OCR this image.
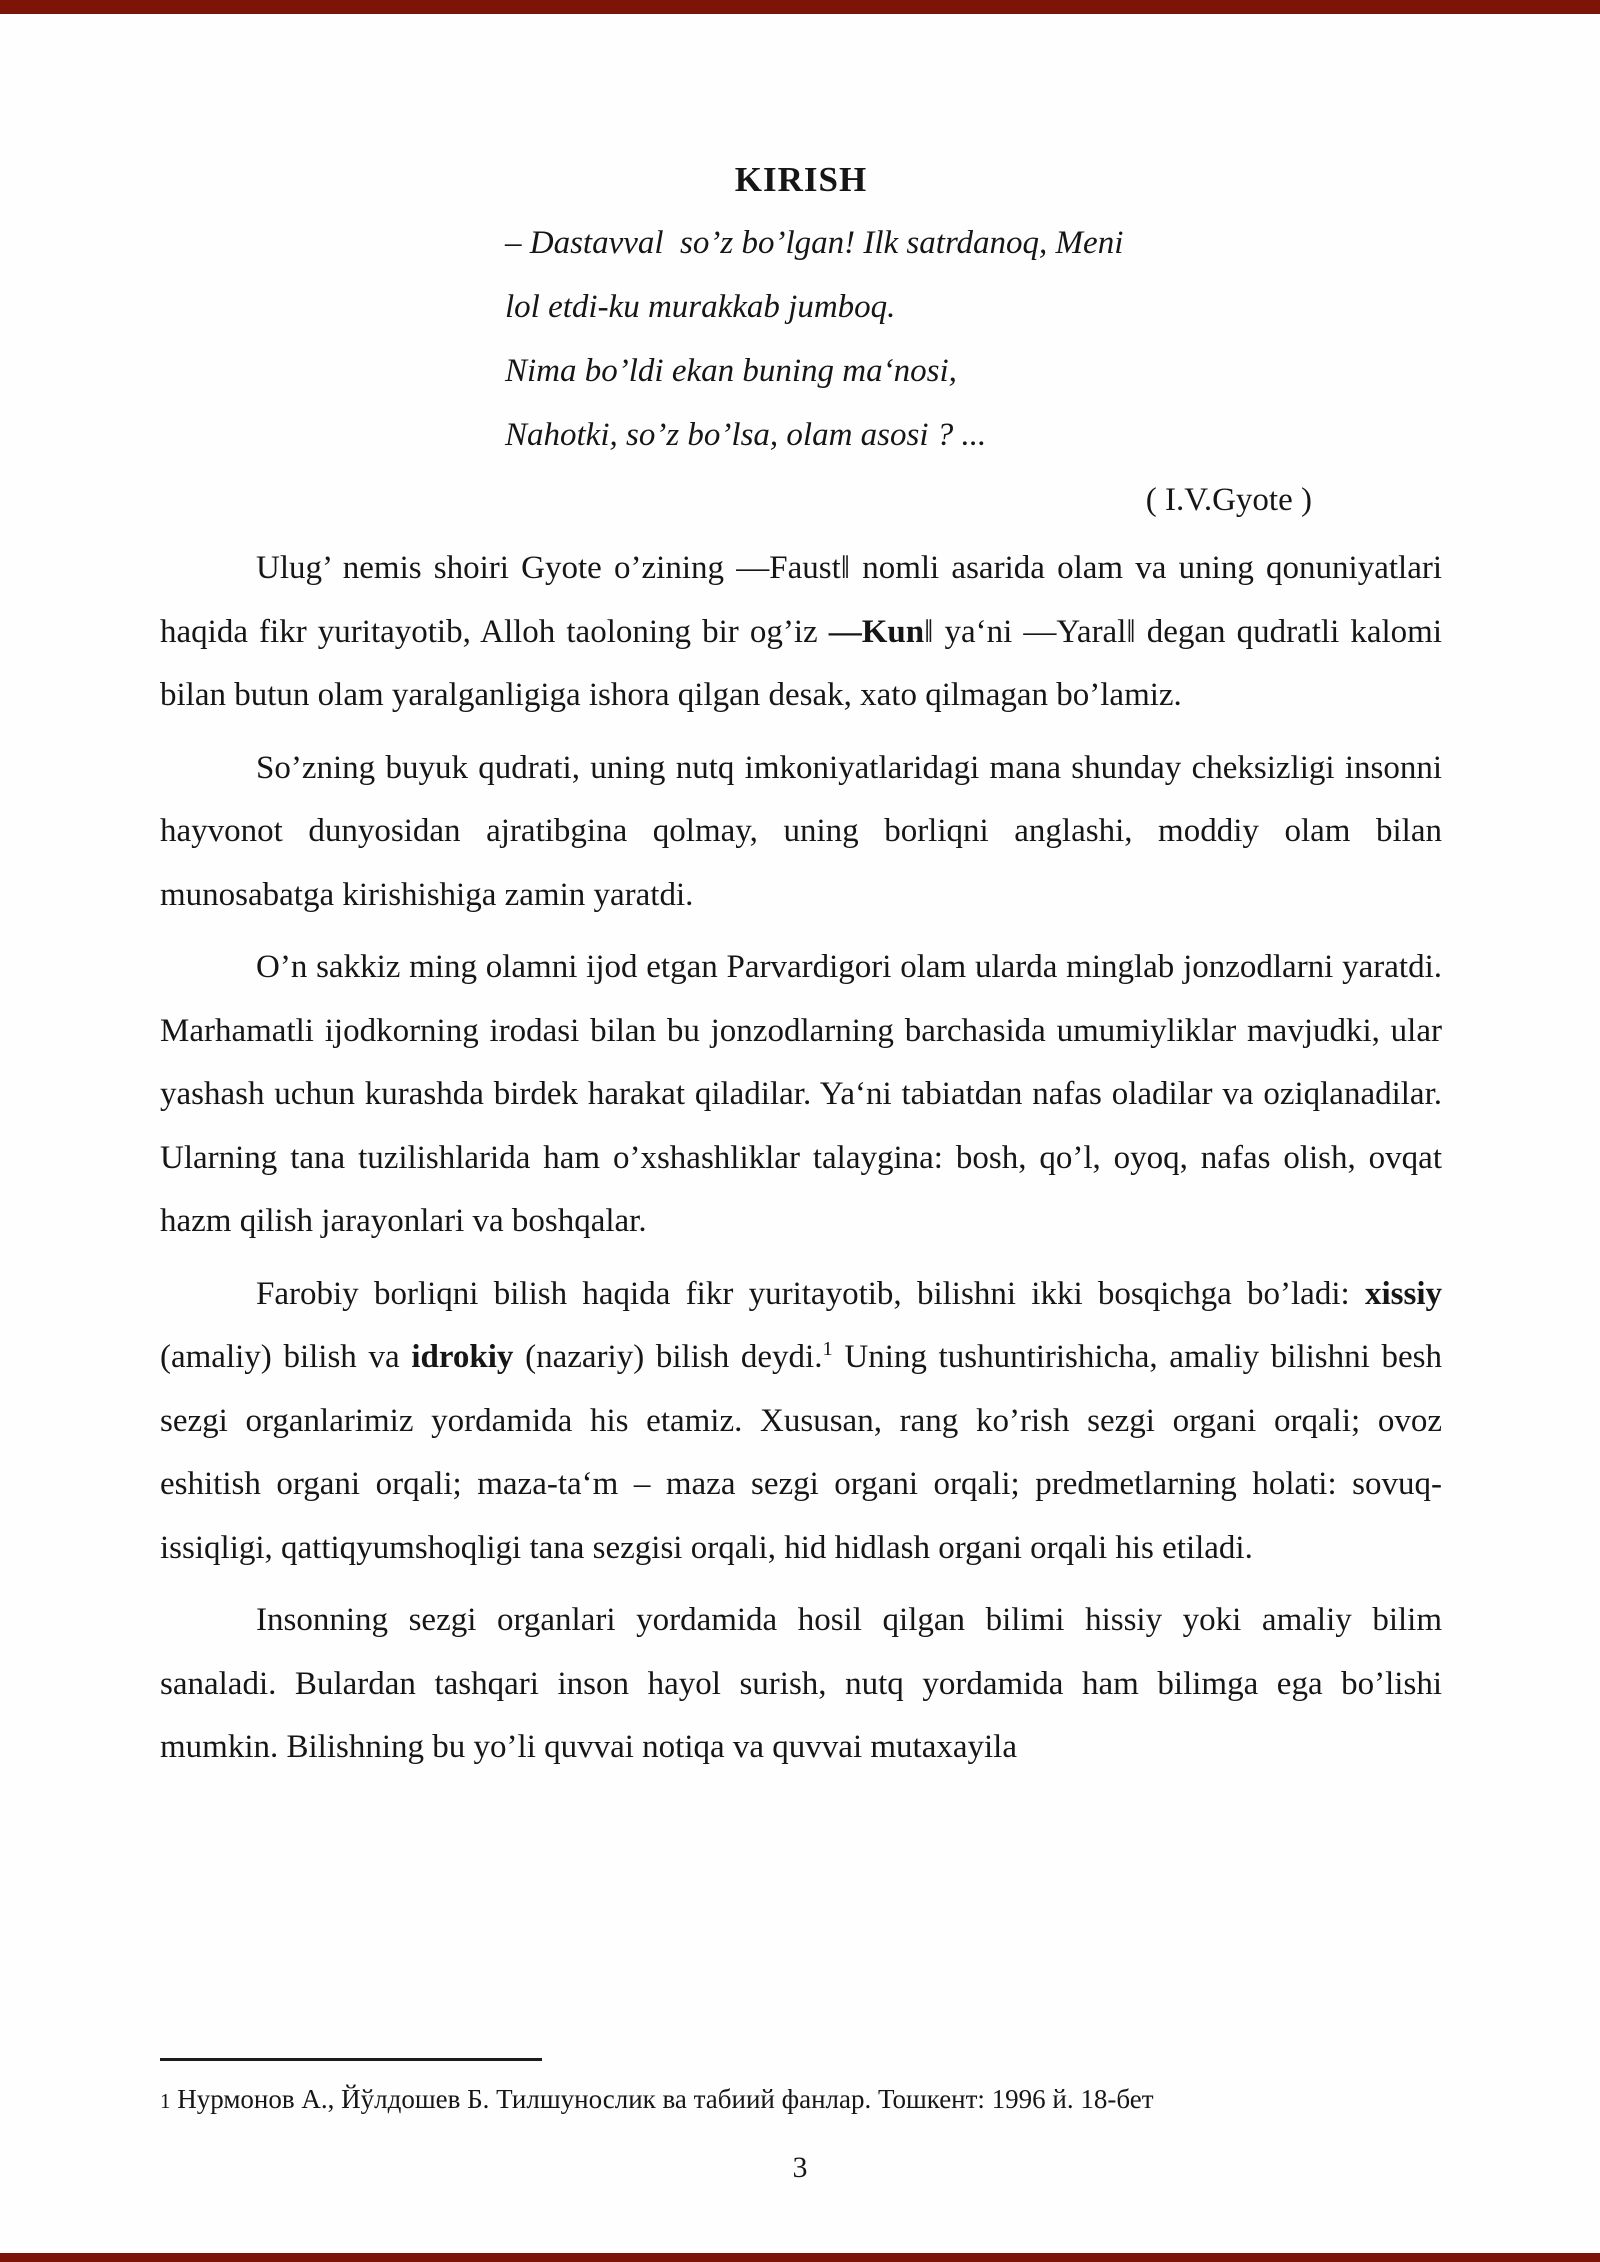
KIRISH
– Dastavval  so’z bo’lgan! Ilk satrdanoq, Meni
lol etdi-ku murakkab jumboq.
Nima bo’ldi ekan buning ma‘nosi,
Nahotki, so’z bo’lsa, olam asosi ? ...
( I.V.Gyote )

Ulug’ nemis shoiri Gyote o’zining —Faust‖ nomli asarida olam va uning qonuniyatlari haqida fikr yuritayotib, Alloh taoloning bir og’iz —Kun‖ ya‘ni —Yaral‖ degan qudratli kalomi bilan butun olam yaralganligiga ishora qilgan desak, xato qilmagan bo’lamiz.

So’zning buyuk qudrati, uning nutq imkoniyatlaridagi mana shunday cheksizligi insonni hayvonot dunyosidan ajratibgina qolmay, uning borliqni anglashi, moddiy olam bilan munosabatga kirishishiga zamin yaratdi.

O’n sakkiz ming olamni ijod etgan Parvardigori olam ularda minglab jonzodlarni yaratdi. Marhamatli ijodkorning irodasi bilan bu jonzodlarning barchasida umumiyliklar mavjudki, ular yashash uchun kurashda birdek harakat qiladilar. Ya‘ni tabiatdan nafas oladilar va oziqlanadilar. Ularning tana tuzilishlarida ham o’xshashliklar talaygina: bosh, qo’l, oyoq, nafas olish, ovqat hazm qilish jarayonlari va boshqalar.

Farobiy borliqni bilish haqida fikr yuritayotib, bilishni ikki bosqichga bo’ladi: xissiy (amaliy) bilish va idrokiy (nazariy) bilish deydi.$^1$ Uning tushuntirishicha, amaliy bilishni besh sezgi organlarimiz yordamida his etamiz. Xususan, rang ko’rish sezgi organi orqali; ovoz eshitish organi orqali; maza-ta‘m – maza sezgi organi orqali; predmetlarning holati: sovuq-issiqligi, qattiqyumshoqligi tana sezgisi orqali, hid hidlash organi orqali his etiladi.

Insonning sezgi organlari yordamida hosil qilgan bilimi hissiy yoki amaliy bilim sanaladi. Bulardan tashqari inson hayol surish, nutq yordamida ham bilimga ega bo’lishi mumkin. Bilishning bu yo’li quvvai notiqa va quvvai mutaxayila

1 Нурмонов А., Йўлдошев Б. Тилшунослик ва табиий фанлар. Тошкент: 1996 й. 18-бет
3
